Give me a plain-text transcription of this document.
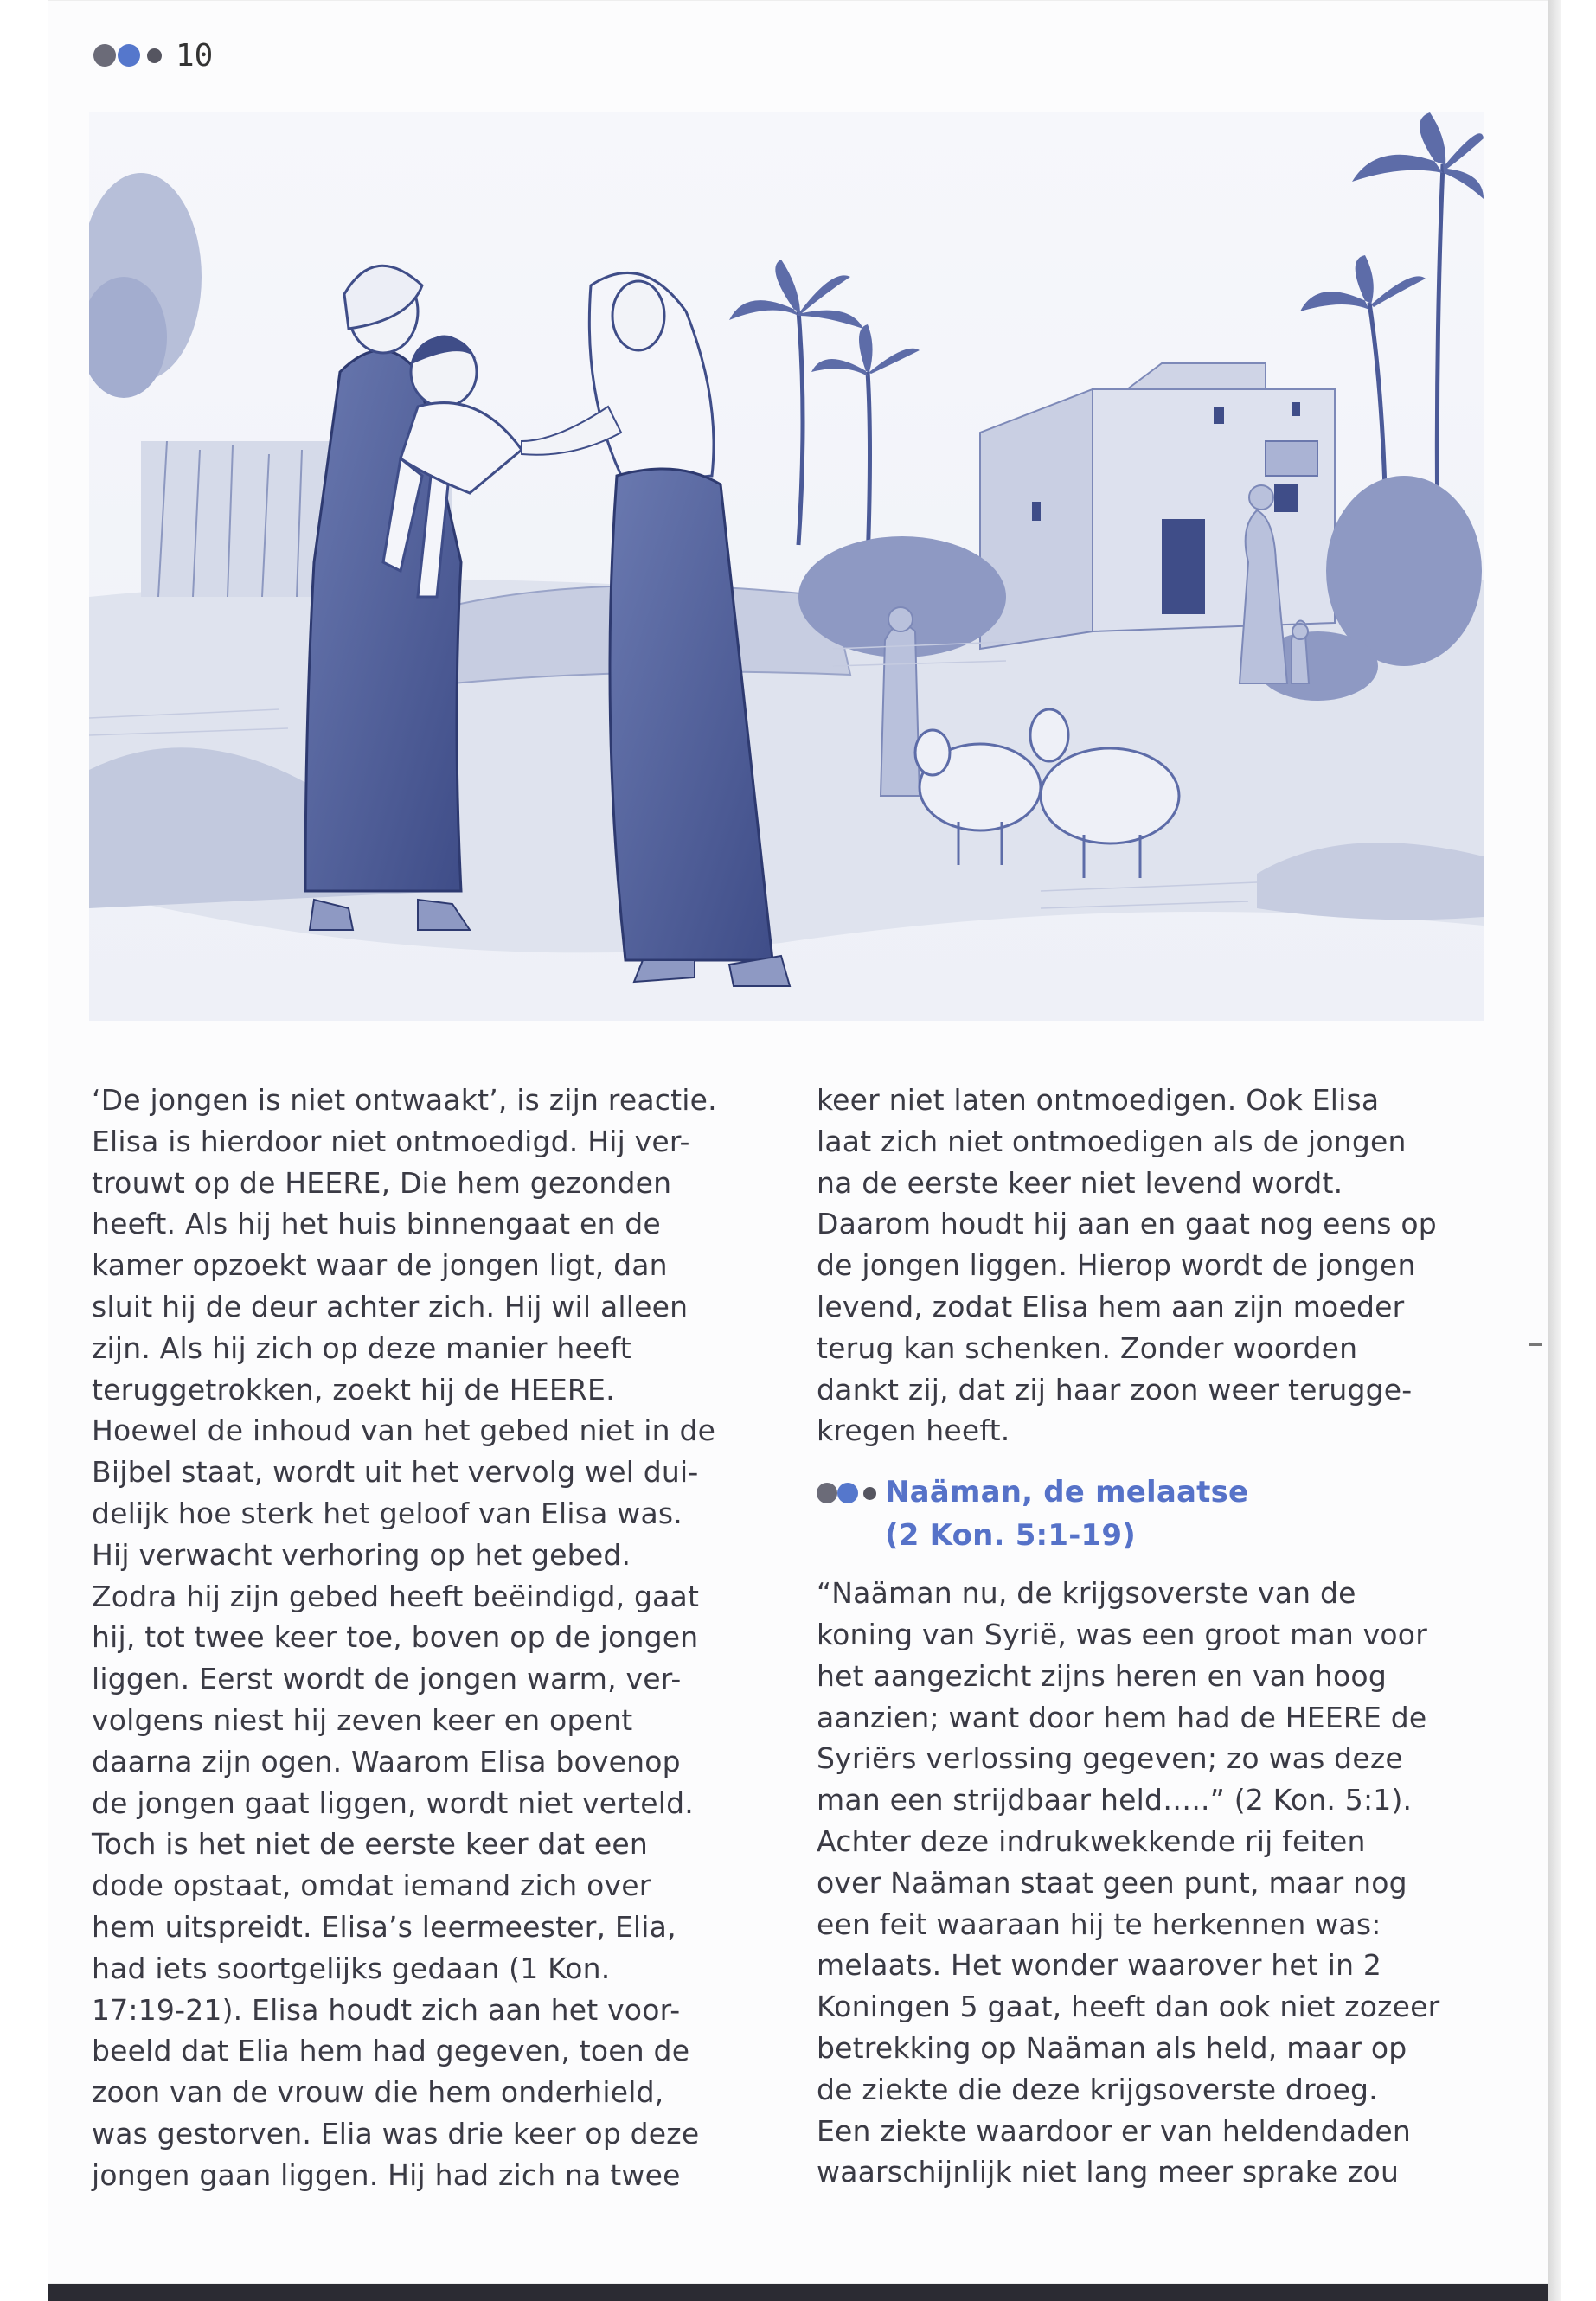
10
‘De jongen is niet ontwaakt’, is zijn reactie.
Elisa is hierdoor niet ontmoedigd. Hij ver-
trouwt op de HEERE, Die hem gezonden
heeft. Als hij het huis binnengaat en de
kamer opzoekt waar de jongen ligt, dan
sluit hij de deur achter zich. Hij wil alleen
zijn. Als hij zich op deze manier heeft
teruggetrokken, zoekt hij de HEERE.
Hoewel de inhoud van het gebed niet in de
Bijbel staat, wordt uit het vervolg wel dui-
delijk hoe sterk het geloof van Elisa was.
Hij verwacht verhoring op het gebed.
Zodra hij zijn gebed heeft beëindigd, gaat
hij, tot twee keer toe, boven op de jongen
liggen. Eerst wordt de jongen warm, ver-
volgens niest hij zeven keer en opent
daarna zijn ogen. Waarom Elisa bovenop
de jongen gaat liggen, wordt niet verteld.
Toch is het niet de eerste keer dat een
dode opstaat, omdat iemand zich over
hem uitspreidt. Elisa’s leermeester, Elia,
had iets soortgelijks gedaan (1 Kon.
17:19-21). Elisa houdt zich aan het voor-
beeld dat Elia hem had gegeven, toen de
zoon van de vrouw die hem onderhield,
was gestorven. Elia was drie keer op deze
jongen gaan liggen. Hij had zich na twee
keer niet laten ontmoedigen. Ook Elisa
laat zich niet ontmoedigen als de jongen
na de eerste keer niet levend wordt.
Daarom houdt hij aan en gaat nog eens op
de jongen liggen. Hierop wordt de jongen
levend, zodat Elisa hem aan zijn moeder
terug kan schenken. Zonder woorden
dankt zij, dat zij haar zoon weer terugge-
kregen heeft.
Naäman, de melaatse
(2 Kon. 5:1-19)
“Naäman nu, de krijgsoverste van de
koning van Syrië, was een groot man voor
het aangezicht zijns heren en van hoog
aanzien; want door hem had de HEERE de
Syriërs verlossing gegeven; zo was deze
man een strijdbaar held…..” (2 Kon. 5:1).
Achter deze indrukwekkende rij feiten
over Naäman staat geen punt, maar nog
een feit waaraan hij te herkennen was:
melaats. Het wonder waarover het in 2
Koningen 5 gaat, heeft dan ook niet zozeer
betrekking op Naäman als held, maar op
de ziekte die deze krijgsoverste droeg.
Een ziekte waardoor er van heldendaden
waarschijnlijk niet lang meer sprake zou
